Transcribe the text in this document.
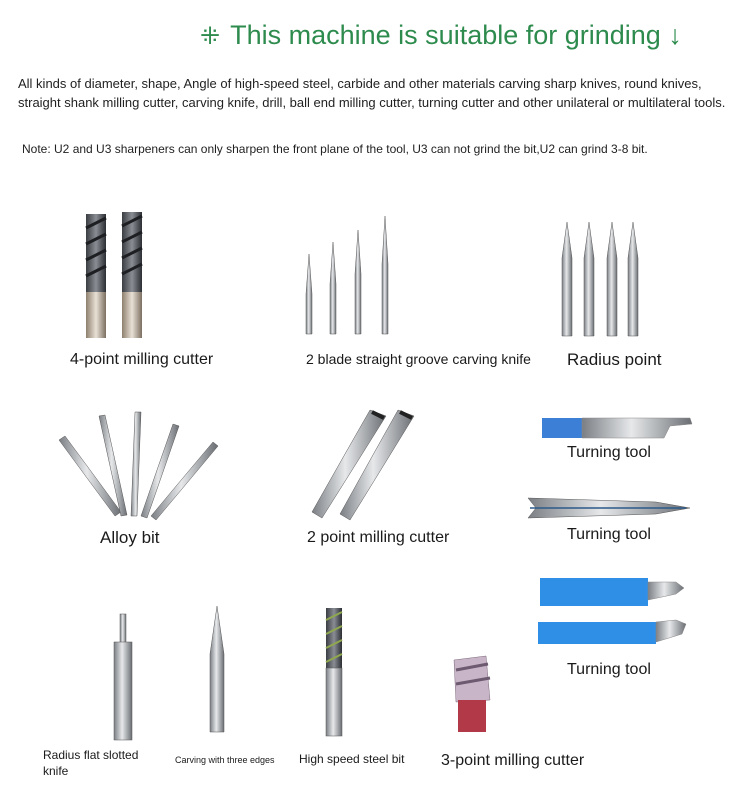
⁜ This machine is suitable for grinding ↓
All kinds of diameter, shape, Angle of high-speed steel, carbide and other materials carving sharp knives, round knives, straight shank milling cutter, carving knife, drill, ball end milling cutter, turning cutter and other unilateral or multilateral tools.
Note: U2 and U3 sharpeners can only sharpen the front plane of the tool, U3 can not grind the bit,U2 can grind 3-8 bit.
4-point milling cutter	2 blade straight groove carving knife Radius point
Alloy bit	2 point milling cutter
Turning tool
Turning tool
Turning tool
Radius flat slotted knife
Carving with three edges High speed steel bit 3-point milling cutter
